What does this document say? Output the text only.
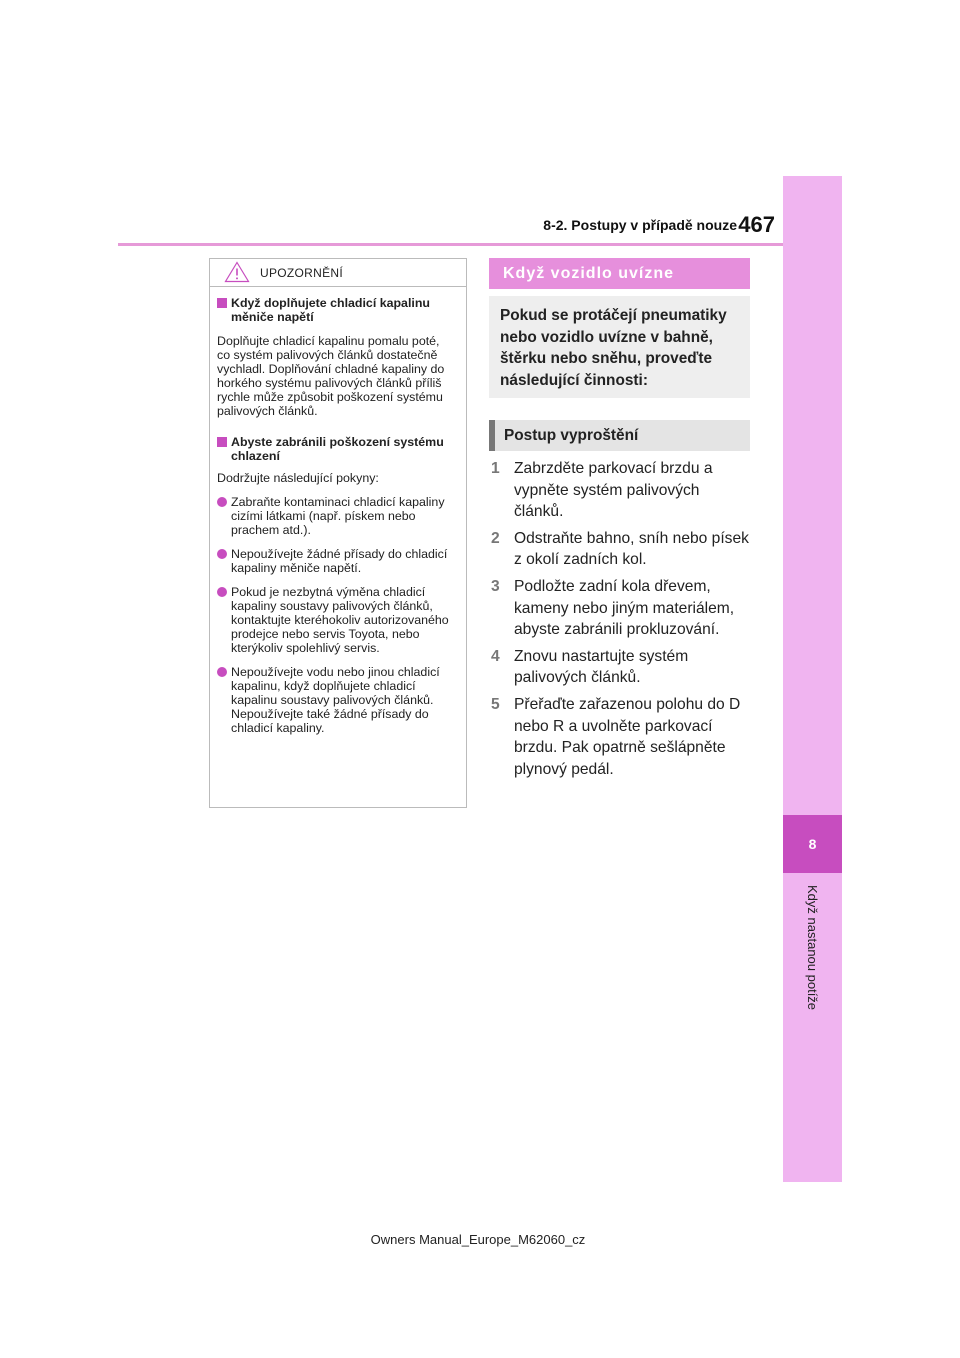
8-2. Postupy v případě nouze 467
8
Když nastanou potíže
UPOZORNĚNÍ
Když doplňujete chladicí kapalinu měniče napětí
Doplňujte chladicí kapalinu pomalu poté, co systém palivových článků dostatečně vychladl. Doplňování chladné kapaliny do horkého systému palivových článků příliš rychle může způsobit poškození systému palivových článků.
Abyste zabránili poškození systému chlazení
Dodržujte následující pokyny:
Zabraňte kontaminaci chladicí kapaliny cizími látkami (např. pískem nebo prachem atd.).
Nepoužívejte žádné přísady do chladicí kapaliny měniče napětí.
Pokud je nezbytná výměna chladicí kapaliny soustavy palivových článků, kontaktujte kteréhokoliv autorizovaného prodejce nebo servis Toyota, nebo kterýkoliv spolehlivý servis.
Nepoužívejte vodu nebo jinou chladicí kapalinu, když doplňujete chladicí kapalinu soustavy palivových článků. Nepoužívejte také žádné přísady do chladicí kapaliny.
Když vozidlo uvízne
Pokud se protáčejí pneumatiky nebo vozidlo uvízne v bahně, štěrku nebo sněhu, proveďte následující činnosti:
Postup vyproštění
1 Zabrzděte parkovací brzdu a vypněte systém palivových článků.
2 Odstraňte bahno, sníh nebo písek z okolí zadních kol.
3 Podložte zadní kola dřevem, kameny nebo jiným materiálem, abyste zabránili prokluzování.
4 Znovu nastartujte systém palivových článků.
5 Přeřaďte zařazenou polohu do D nebo R a uvolněte parkovací brzdu. Pak opatrně sešlápněte plynový pedál.
Owners Manual_Europe_M62060_cz
